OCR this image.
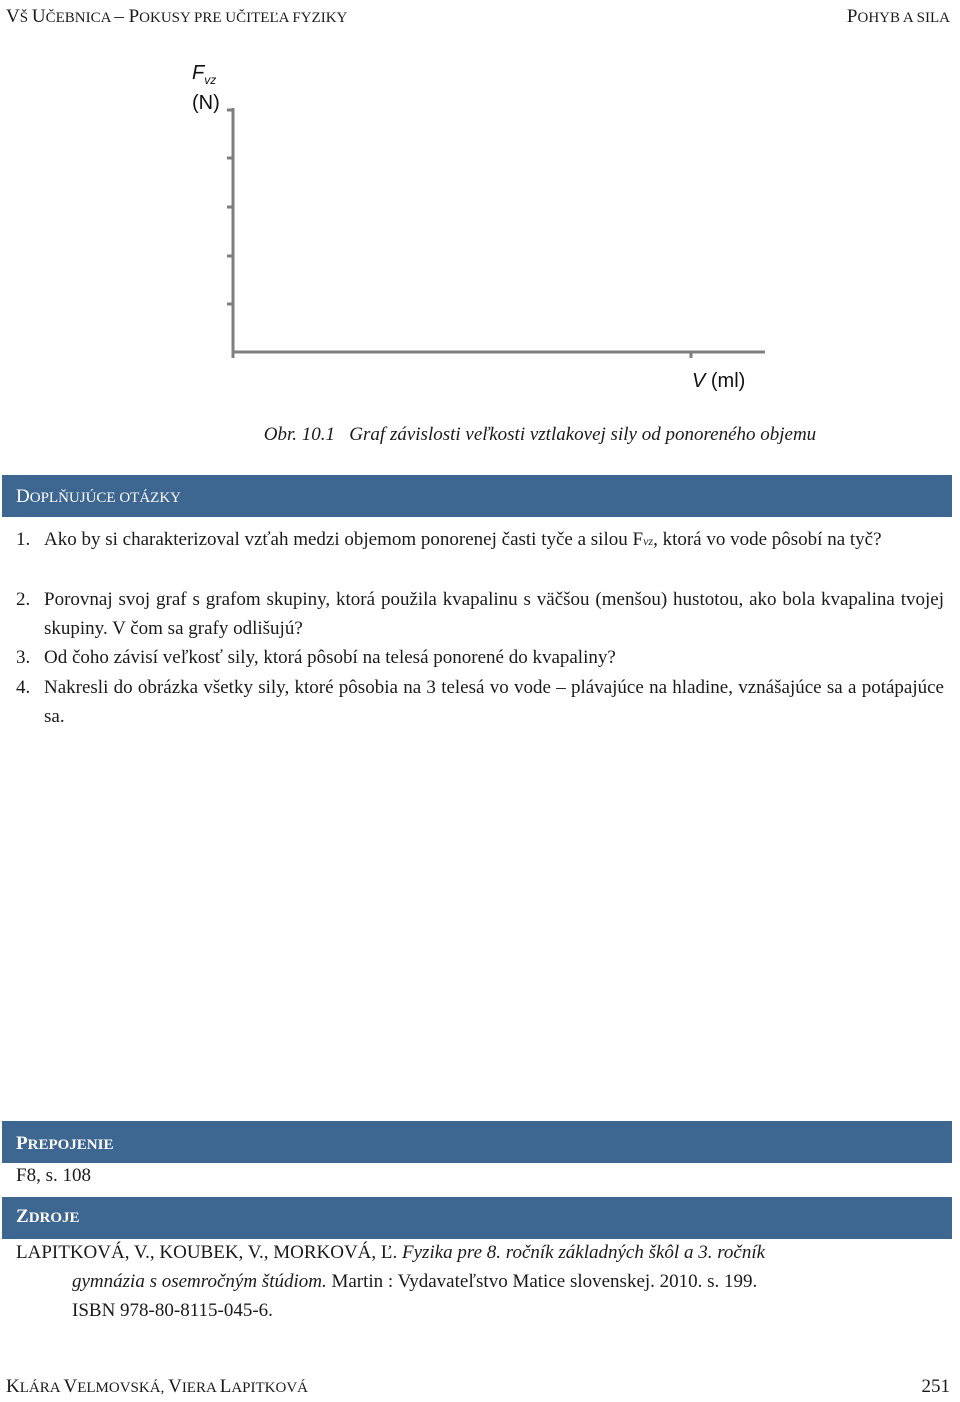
VŠ UČEBNICA – POKUSY PRE UČITEĽA FYZIKY	POHYB A SILA
$F_{vz}$
(N)
V (ml)
Obr. 10.1   Graf závislosti veľkosti vztlakovej sily od ponoreného objemu
DOPLŇUJÚCE OTÁZKY
1. Ako by si charakterizoval vzťah medzi objemom ponorenej časti tyče a silou Fvz, ktorá vo vode pôsobí na tyč?
2. Porovnaj svoj graf s grafom skupiny, ktorá použila kvapalinu s väčšou (menšou) hustotou, ako bola kvapalina tvojej skupiny. V čom sa grafy odlišujú?
3. Od čoho závisí veľkosť sily, ktorá pôsobí na telesá ponorené do kvapaliny?
4. Nakresli do obrázka všetky sily, ktoré pôsobia na 3 telesá vo vode – plávajúce na hladine, vznášajúce sa a potápajúce sa.
PREPOJENIE
F8, s. 108
ZDROJE
LAPITKOVÁ, V., KOUBEK, V., MORKOVÁ, Ľ. Fyzika pre 8. ročník základných škôl a 3. ročník
gymnázia s osemročným štúdiom. Martin : Vydavateľstvo Matice slovenskej. 2010. s. 199.
ISBN 978-80-8115-045-6.
KLÁRA VELMOVSKÁ, VIERA LAPITKOVÁ	251
